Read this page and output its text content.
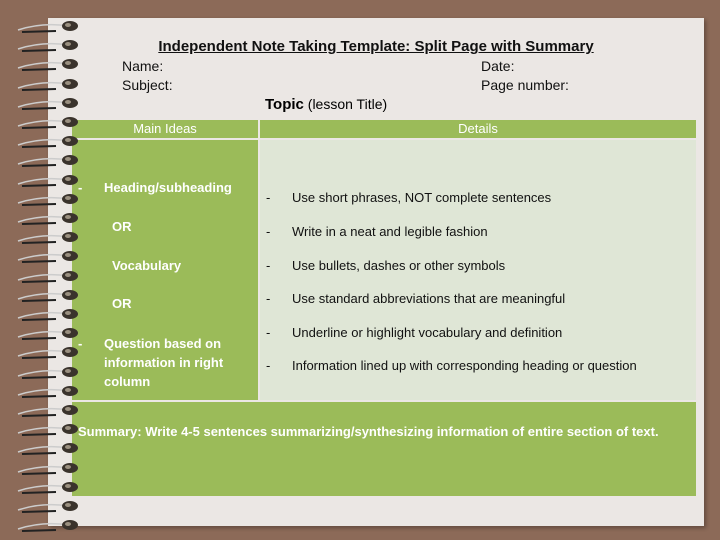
Independent Note Taking Template: Split Page with Summary
Name:
Subject:
Date:
Page number:
Topic (lesson Title)
Main Ideas	Details
- Heading/subheading
OR
Vocabulary
OR
-	Question based on information in right column
- Use short phrases, NOT complete sentences
- Write in a neat and legible fashion
- Use bullets, dashes or other symbols
- Use standard abbreviations that are meaningful
- Underline or highlight vocabulary and definition
- Information lined up with corresponding heading or question
Summary: Write 4-5 sentences summarizing/synthesizing information of entire section of text.
